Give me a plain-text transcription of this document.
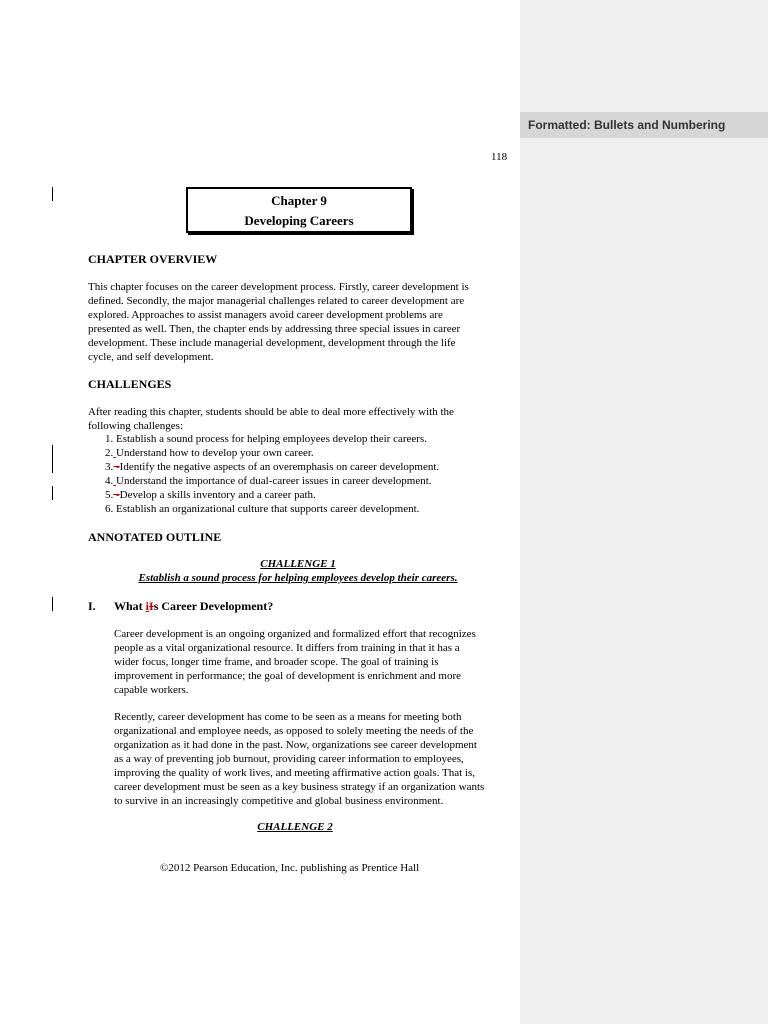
Formatted: Bullets and Numbering
118
Chapter 9
Developing Careers
CHAPTER OVERVIEW
This chapter focuses on the career development process. Firstly, career development is
defined. Secondly, the major managerial challenges related to career development are
explored. Approaches to assist managers avoid career development problems are
presented as well. Then, the chapter ends by addressing three special issues in career
development. These include managerial development, development through the life
cycle, and self development.
CHALLENGES
After reading this chapter, students should be able to deal more effectively with the
following challenges:
1. Establish a sound process for helping employees develop their careers.
2. Understand how to develop your own career.
3. -Identify the negative aspects of an overemphasis on career development.
4. Understand the importance of dual-career issues in career development.
5. -Develop a skills inventory and a career path.
6. Establish an organizational culture that supports career development.
ANNOTATED OUTLINE
CHALLENGE 1
Establish a sound process for helping employees develop their careers.
I. What iIs Career Development?
Career development is an ongoing organized and formalized effort that recognizes
people as a vital organizational resource. It differs from training in that it has a
wider focus, longer time frame, and broader scope. The goal of training is
improvement in performance; the goal of development is enrichment and more
capable workers.
Recently, career development has come to be seen as a means for meeting both
organizational and employee needs, as opposed to solely meeting the needs of the
organization as it had done in the past. Now, organizations see career development
as a way of preventing job burnout, providing career information to employees,
improving the quality of work lives, and meeting affirmative action goals. That is,
career development must be seen as a key business strategy if an organization wants
to survive in an increasingly competitive and global business environment.
CHALLENGE 2
©2012 Pearson Education, Inc. publishing as Prentice Hall
